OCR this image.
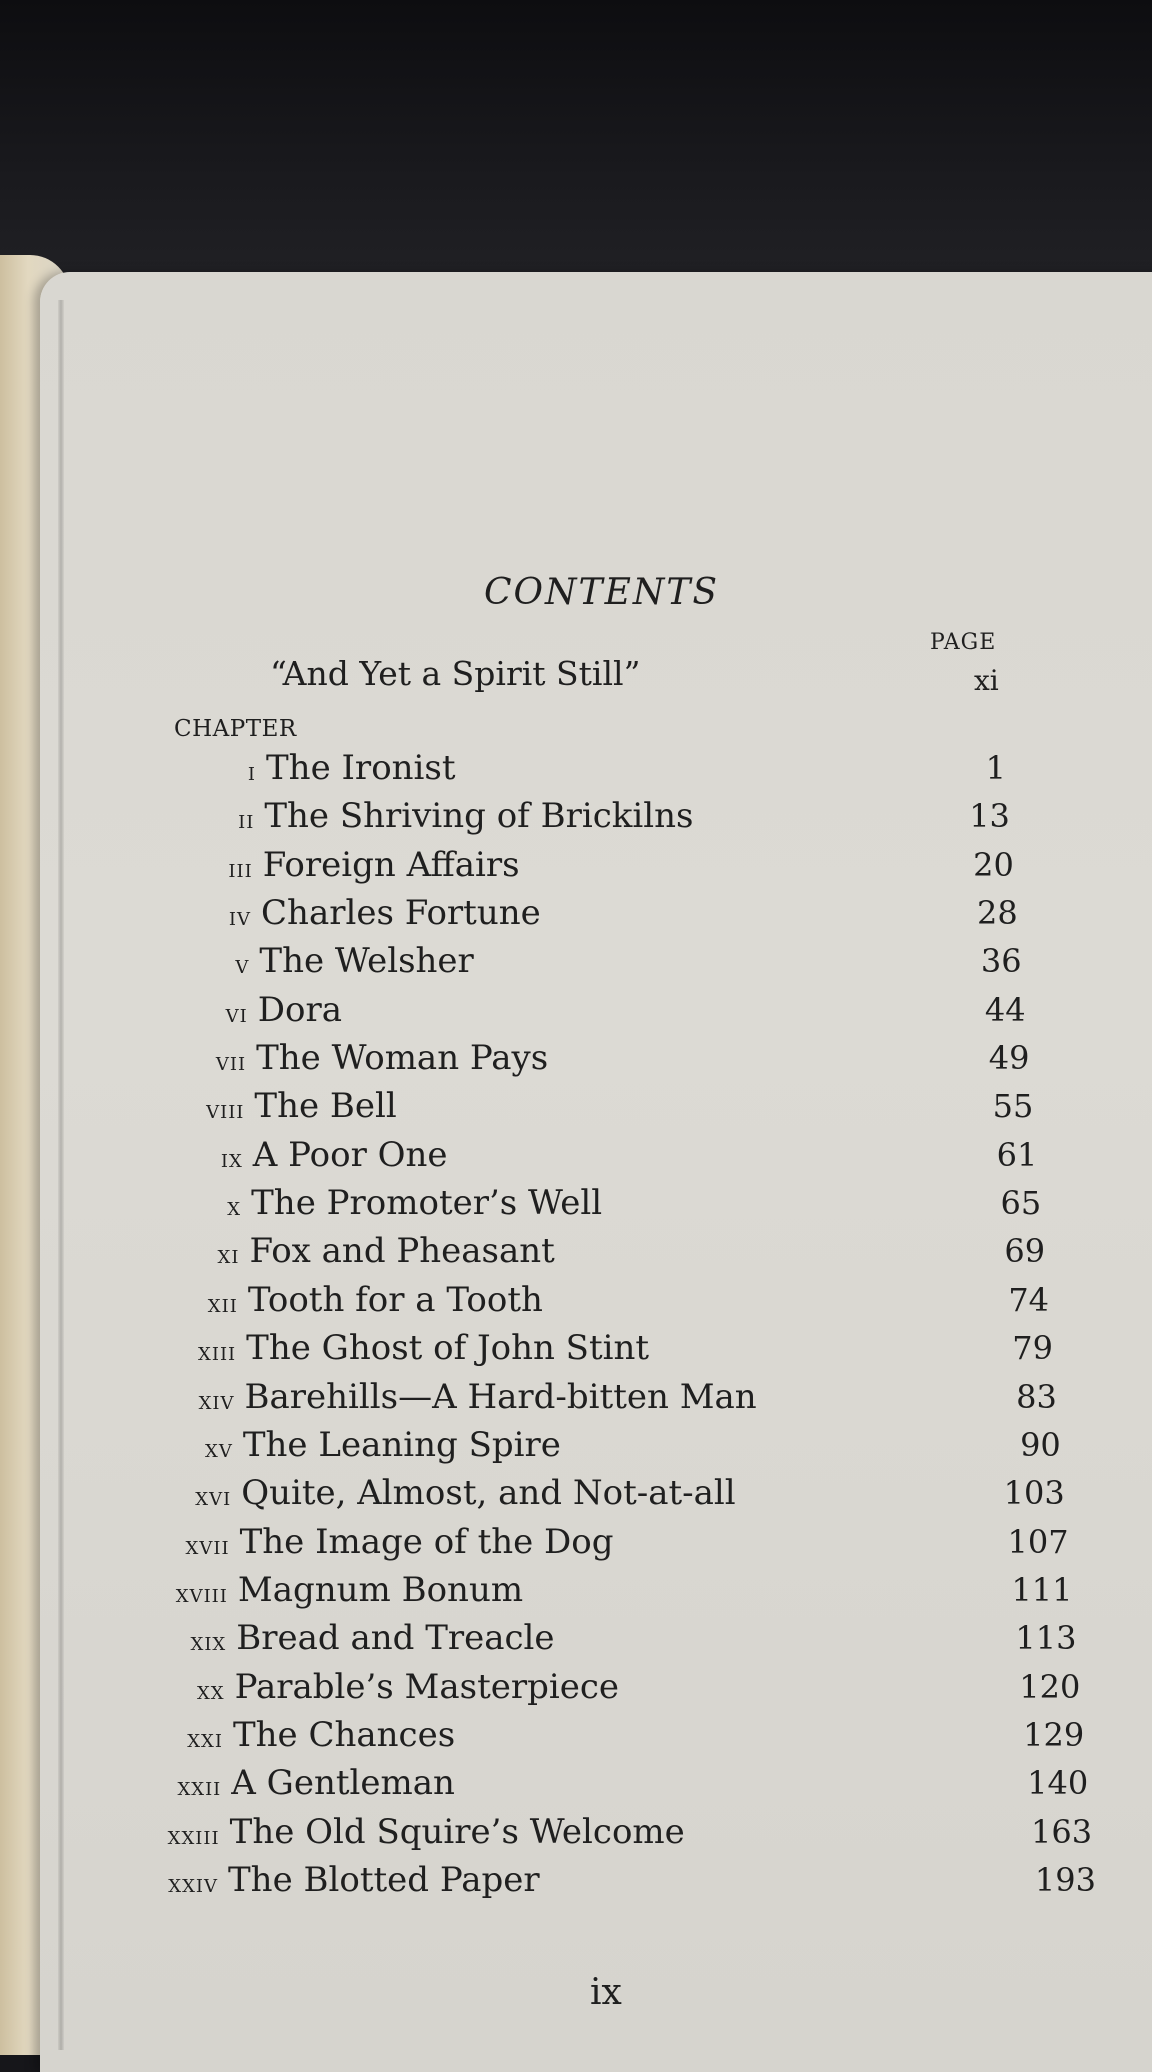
CONTENTS
PAGE
“And Yet a Spirit Still”	xi
CHAPTER
i The Ironist	1
ii The Shriving of Brickilns	13
iii Foreign Affairs	20
iv Charles Fortune	28
v The Welsher	36
vi Dora	44
vii The Woman Pays	49
viii The Bell	55
ix A Poor One	61
x The Promoter’s Well	65
xi Fox and Pheasant	69
xii Tooth for a Tooth	74
xiii The Ghost of John Stint	79
xiv Barehills—A Hard-bitten Man	83
xv The Leaning Spire	90
xvi Quite, Almost, and Not-at-all	103
xvii The Image of the Dog	107
xviii Magnum Bonum	111
xix Bread and Treacle	113
xx Parable’s Masterpiece	120
xxi The Chances	129
xxii A Gentleman	140
xxiii The Old Squire’s Welcome	163
xxiv The Blotted Paper	193
ix
